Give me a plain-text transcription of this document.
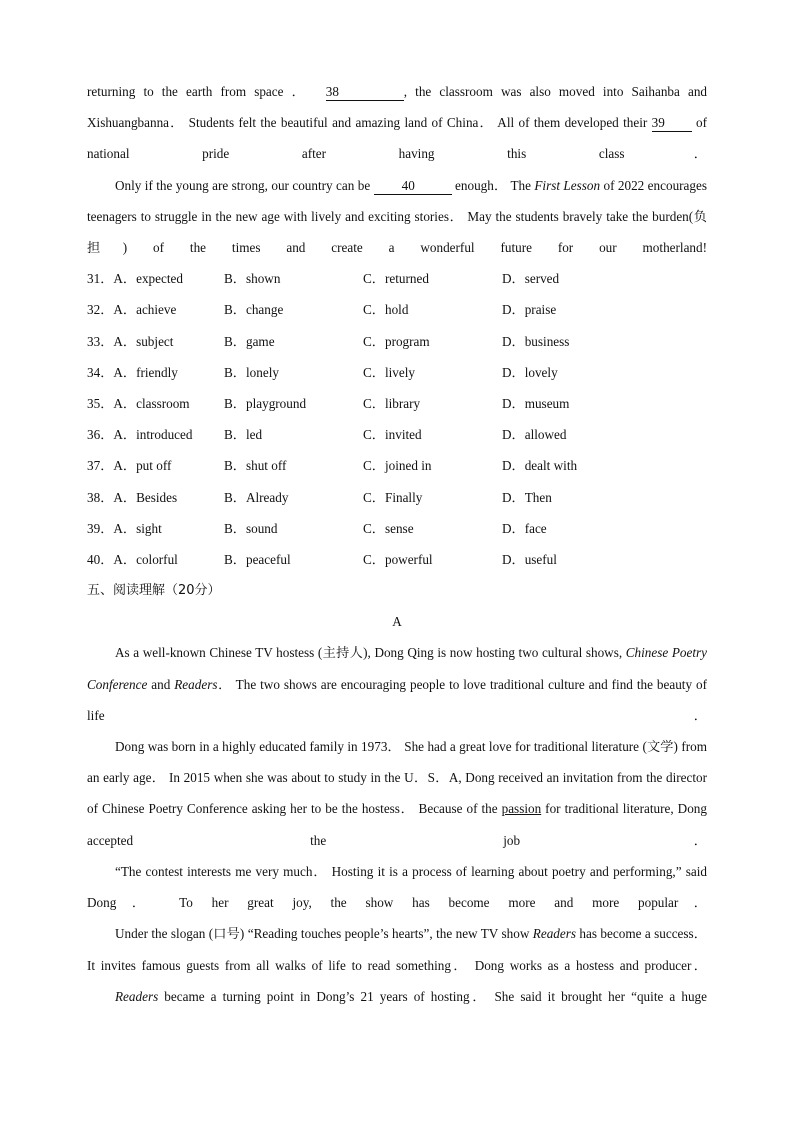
returning to the earth from space ． 38	, the classroom was also moved into Saihanba and Xishuangbanna． Students felt the beautiful and amazing land of China． All of them developed their 39 of national pride after having this class．

Only if the young are strong, our country can be 40	enough． The First Lesson of 2022 encourages teenagers to struggle in the new age with lively and exciting stories． May the students bravely take the burden(负担) of the times and create a wonderful future for our motherland!

31．A．expected	B．shown	C．returned	D．served
32．A．achieve	B．change	C．hold	D．praise
33．A．subject	B．game	C．program	D．business
34．A．friendly	B．lonely	C．lively	D．lovely
35．A．classroom	B．playground	C．library	D．museum
36．A．introduced	B．led	C．invited	D．allowed
37．A．put off	B．shut off	C．joined in	D．dealt with
38．A．Besides	B．Already	C．Finally	D．Then
39．A．sight	B．sound	C．sense	D．face
40．A．colorful	B．peaceful	C．powerful	D．useful
五、阅读理解（20分）
A

As a well-known Chinese TV hostess (主持人), Dong Qing is now hosting two cultural shows, Chinese Poetry Conference and Readers． The two shows are encouraging people to love traditional culture and find the beauty of life．

Dong was born in a highly educated family in 1973． She had a great love for traditional literature (文学) from an early age． In 2015 when she was about to study in the U．S．A, Dong received an invitation from the director of Chinese Poetry Conference asking her to be the hostess． Because of the passion for traditional literature, Dong accepted the job．

“The contest interests me very much． Hosting it is a process of learning about poetry and performing,” said Dong． To her great joy, the show has become more and more popular．

Under the slogan (口号) “Reading touches people’s hearts”, the new TV show Readers has become a success． It invites famous guests from all walks of life to read something． Dong works as a hostess and producer．

Readers became a turning point in Dong’s 21 years of hosting． She said it brought her “quite a huge
